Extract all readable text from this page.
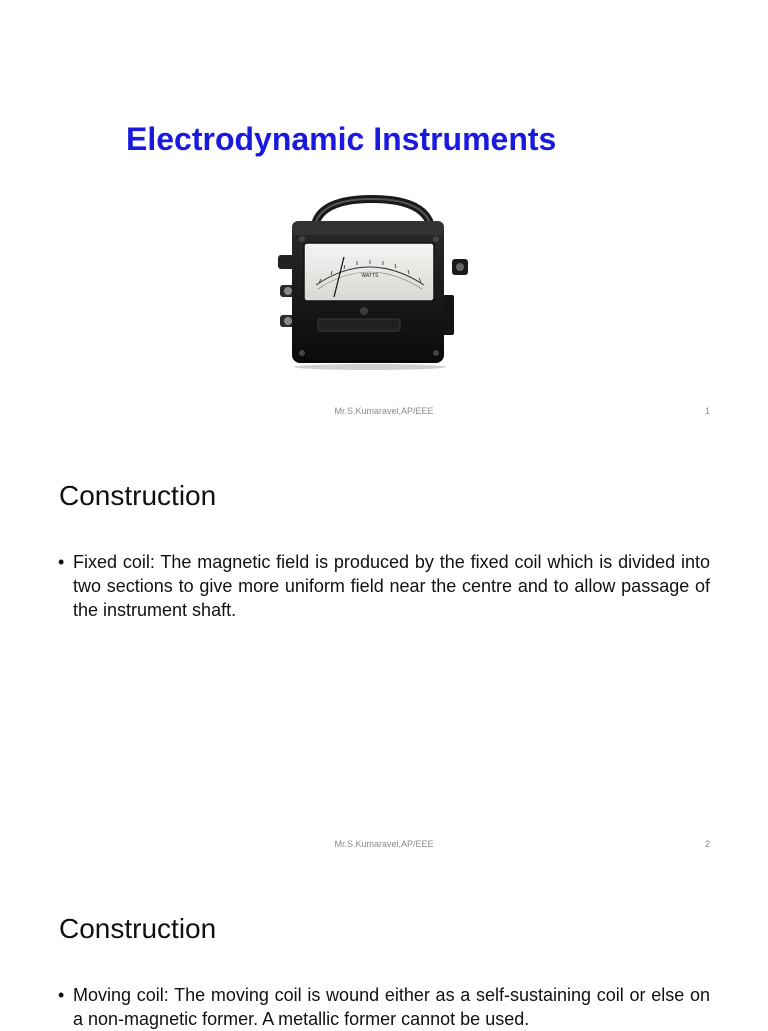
Electrodynamic Instruments
WATTS
Mr.S.Kumaravel,AP/EEE	1
Construction
• Fixed coil: The magnetic field is produced by the fixed coil which is divided into two sections to give more uniform field near the centre and to allow passage of the instrument shaft.
Mr.S.Kumaravel,AP/EEE	2
Construction
• Moving coil: The moving coil is wound either as a self-sustaining coil or else on a non-magnetic former. A metallic former cannot be used.
